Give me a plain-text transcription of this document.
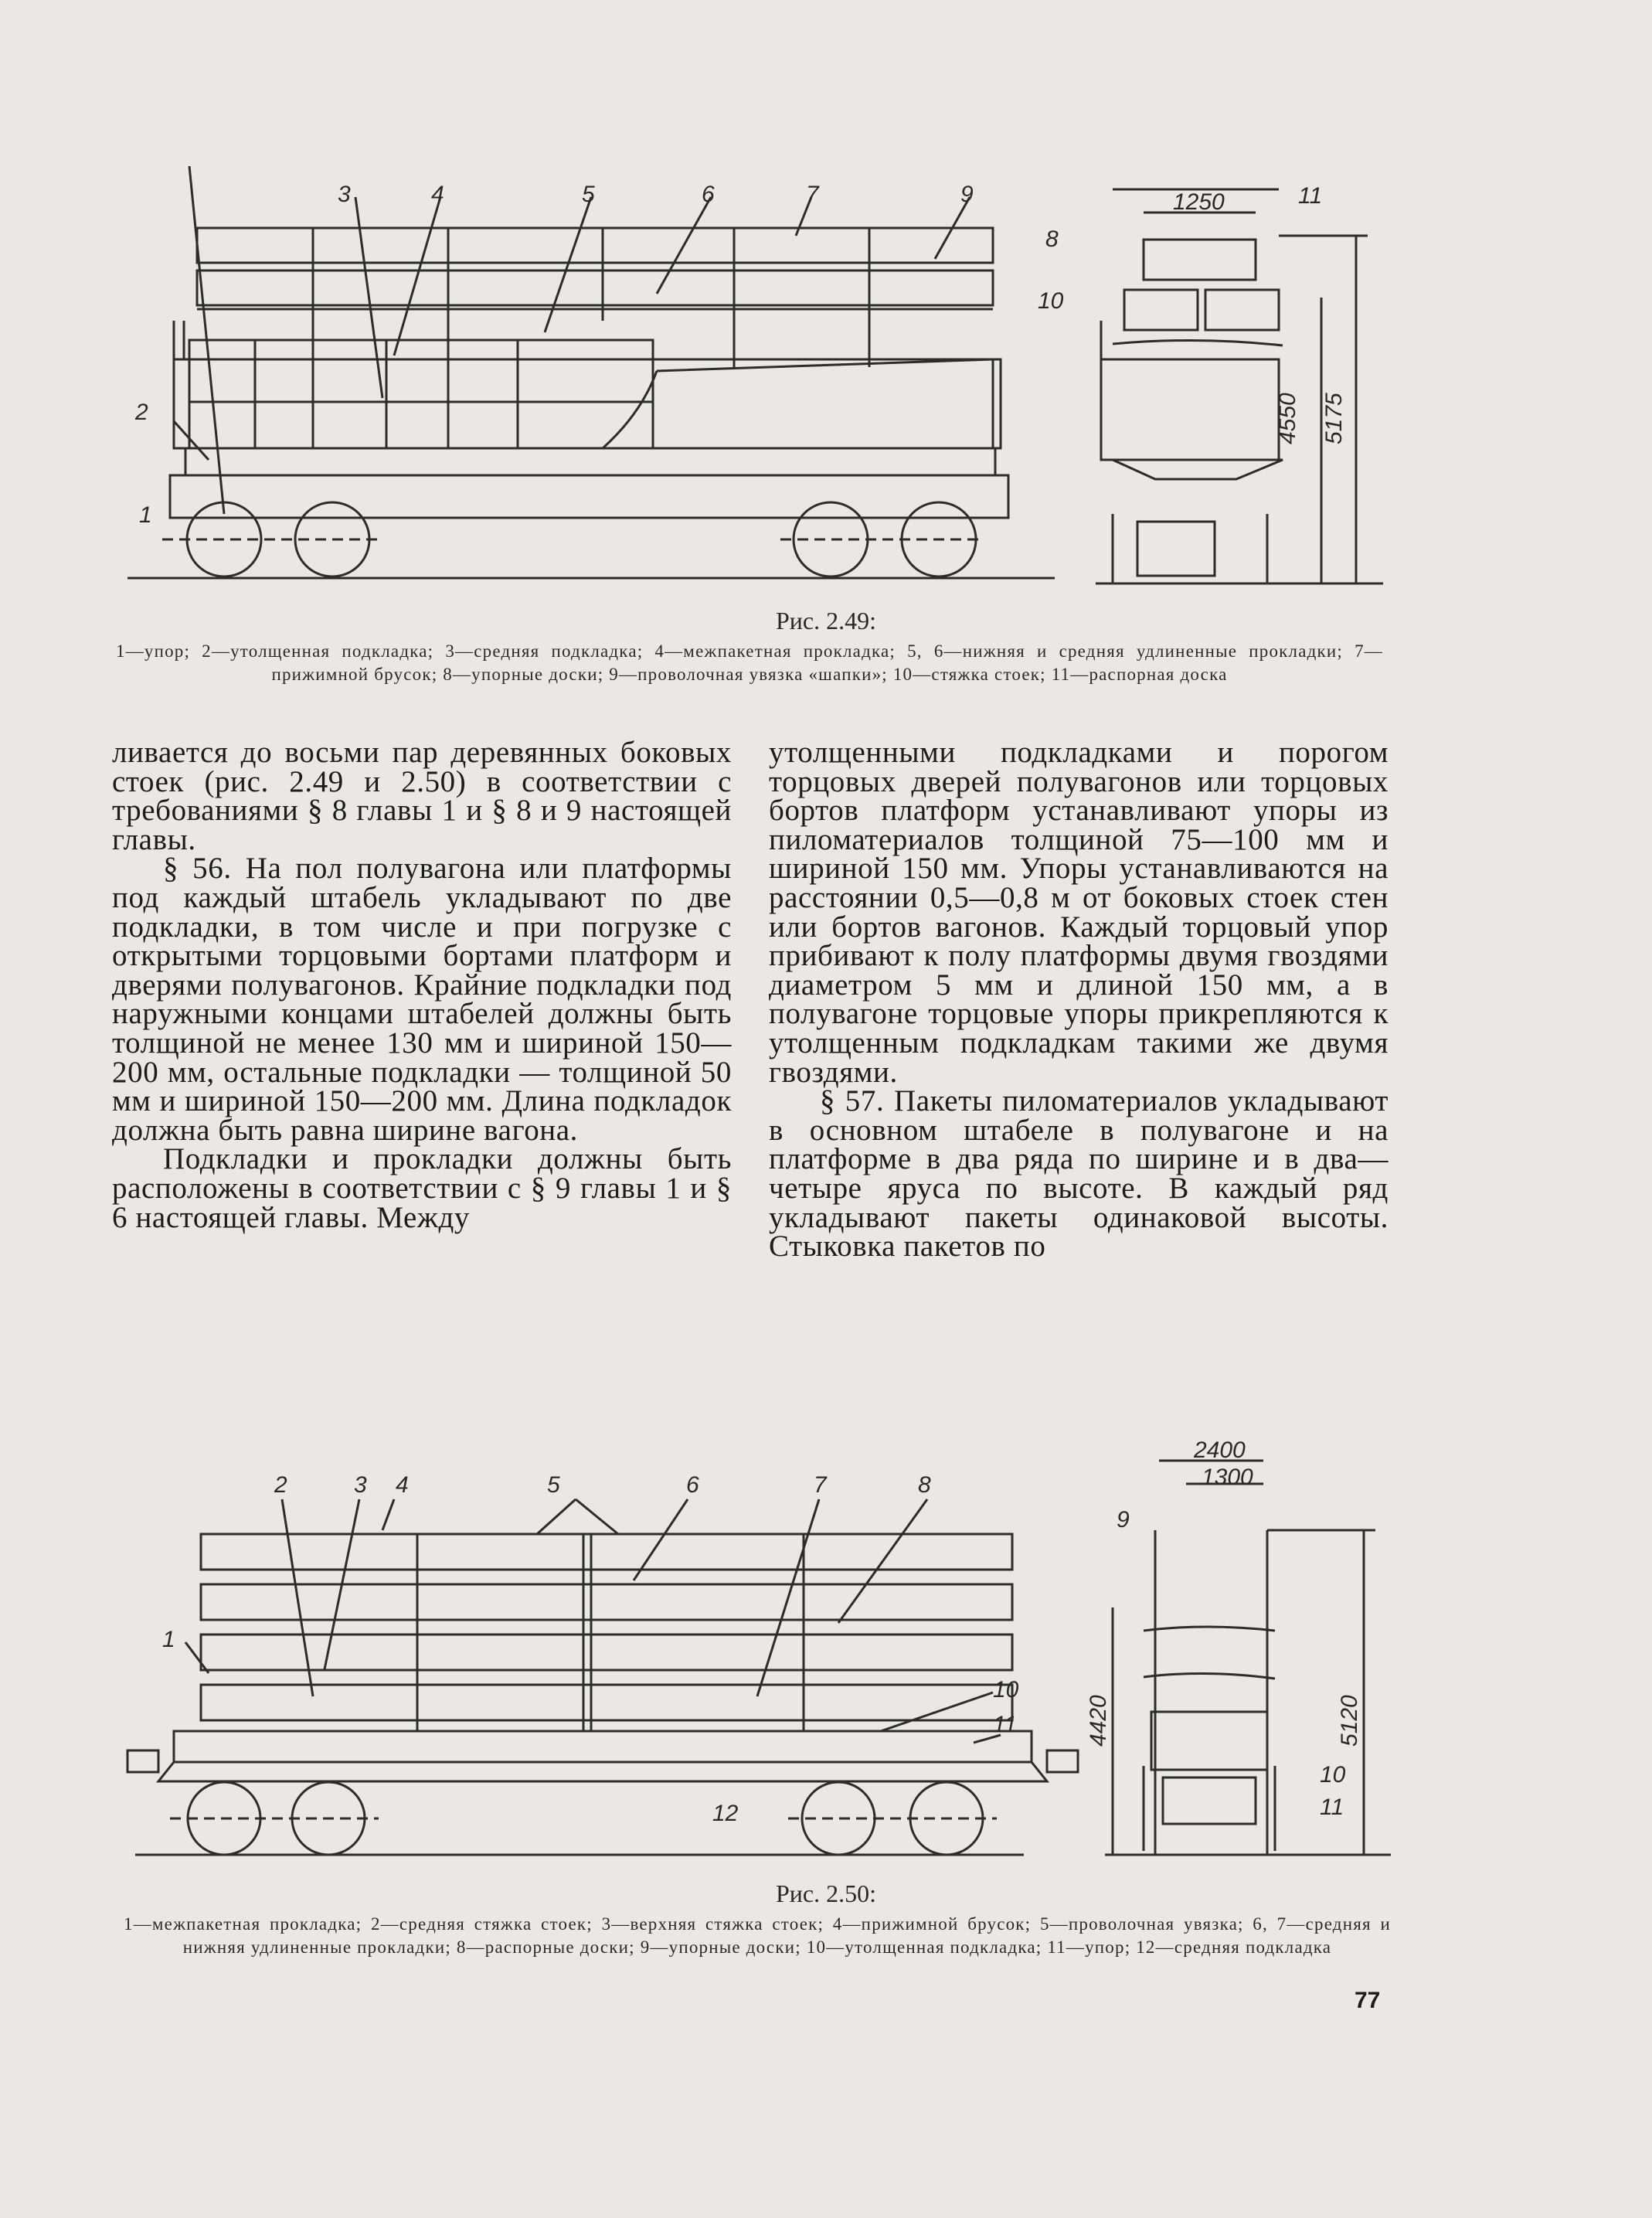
3	4	5	6	7	9
2
1
8
10
11
1250
4550 5175
Рис. 2.49:
1—упор; 2—утолщенная подкладка; 3—средняя подкладка; 4—межпакетная прокладка; 5, 6—нижняя и средняя удлиненные прокладки; 7—прижимной брусок; 8—упорные доски; 9—проволочная увязка «шапки»; 10—стяжка стоек; 11—распорная доска

ливается до восьми пар деревянных боковых стоек (рис. 2.49 и 2.50) в соответствии с требованиями § 8 главы 1 и § 8 и 9 настоящей главы.

§ 56. На пол полувагона или платформы под каждый штабель укладывают по две подкладки, в том числе и при погрузке с открытыми торцовыми бортами платформ и дверями полувагонов. Крайние подкладки под наружными концами штабелей должны быть толщиной не менее 130 мм и шириной 150—200 мм, остальные подкладки — толщиной 50 мм и шириной 150—200 мм. Длина подкладок должна быть равна ширине вагона.

Подкладки и прокладки должны быть расположены в соответствии с § 9 главы 1 и § 6 настоящей главы. Между

утолщенными подкладками и порогом торцовых дверей полувагонов или торцовых бортов платформ устанавливают упоры из пиломатериалов толщиной 75—100 мм и шириной 150 мм. Упоры устанавливаются на расстоянии 0,5—0,8 м от боковых стоек стен или бортов вагонов. Каждый торцовый упор прибивают к полу платформы двумя гвоздями диаметром 5 мм и длиной 150 мм, а в полувагоне торцовые упоры прикрепляются к утолщенным подкладкам такими же двумя гвоздями.

§ 57. Пакеты пиломатериалов укладывают в основном штабеле в полувагоне и на платформе в два ряда по ширине и в два—четыре яруса по высоте. В каждый ряд укладывают пакеты одинаковой высоты. Стыковка пакетов по

2	3 4	5	6	7	8
1
10
11
12
9
10
11
2400
1300
4420	5120
Рис. 2.50:
1—межпакетная прокладка; 2—средняя стяжка стоек; 3—верхняя стяжка стоек; 4—прижимной брусок; 5—проволочная увязка; 6, 7—средняя и нижняя удлиненные прокладки; 8—распорные доски; 9—упорные доски; 10—утолщенная подкладка; 11—упор; 12—средняя подкладка
77
